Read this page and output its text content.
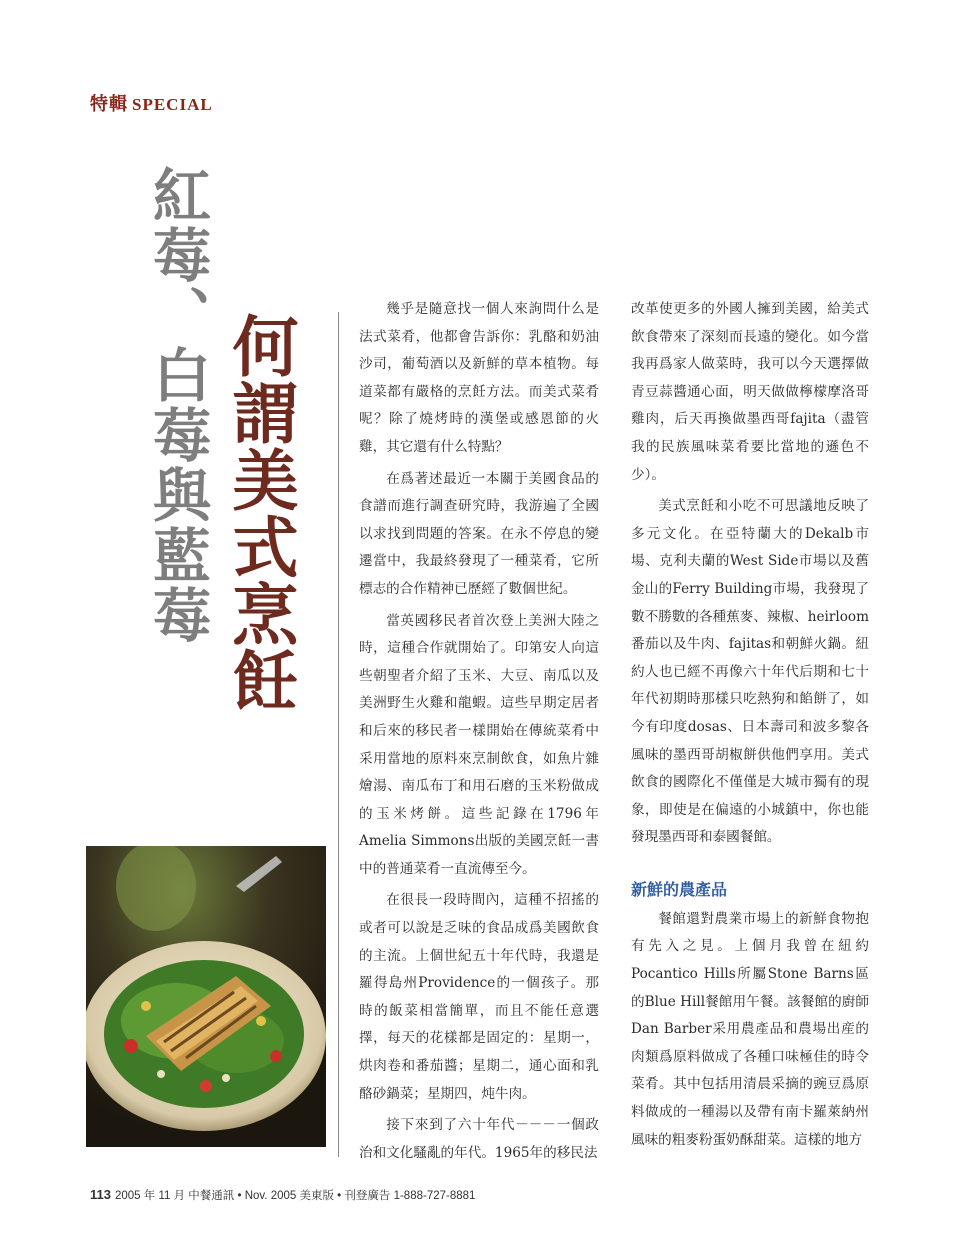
特輯 SPECIAL
紅莓、白莓與藍莓 何謂美式烹飪

幾乎是隨意找一個人來詢問什么是法式菜肴，他都會告訴你：乳酪和奶油沙司，葡萄酒以及新鮮的草本植物。每道菜都有嚴格的烹飪方法。而美式菜肴呢？除了燒烤時的漢堡或感恩節的火雞，其它還有什么特點？

在爲著述最近一本關于美國食品的食譜而進行調查研究時，我游遍了全國以求找到問題的答案。在永不停息的變遷當中，我最終發現了一種菜肴，它所標志的合作精神已歷經了數個世紀。

當英國移民者首次登上美洲大陸之時，這種合作就開始了。印第安人向這些朝聖者介紹了玉米、大豆、南瓜以及美洲野生火雞和龍蝦。這些早期定居者和后來的移民者一樣開始在傳統菜肴中采用當地的原料來烹制飲食，如魚片雜燴湯、南瓜布丁和用石磨的玉米粉做成的玉米烤餅。這些記錄在1796年Amelia Simmons出版的美國烹飪一書中的普通菜肴一直流傳至今。

在很長一段時間內，這種不招搖的或者可以說是乏味的食品成爲美國飲食的主流。上個世紀五十年代時，我還是羅得島州Providence的一個孩子。那時的飯菜相當簡單，而且不能任意選擇，每天的花樣都是固定的：星期一，烘肉卷和番茄醬；星期二，通心面和乳酪砂鍋菜；星期四，炖牛肉。

接下來到了六十年代－－－一個政治和文化騷亂的年代。1965年的移民法

改革使更多的外國人擁到美國，給美式飲食帶來了深刻而長遠的變化。如今當我再爲家人做菜時，我可以今天選擇做青豆蒜醬通心面，明天做做檸檬摩洛哥雞肉，后天再換做墨西哥fajita（盡管我的民族風味菜肴要比當地的遜色不少）。

美式烹飪和小吃不可思議地反映了多元文化。在亞特蘭大的Dekalb市場、克利夫蘭的West Side市場以及舊金山的Ferry Building市場，我發現了數不勝數的各種蕉麥、辣椒、heirloom番茄以及牛肉、fajitas和朝鮮火鍋。紐約人也已經不再像六十年代后期和七十年代初期時那樣只吃熱狗和餡餅了，如今有印度dosas、日本壽司和波多黎各風味的墨西哥胡椒餅供他們享用。美式飲食的國際化不僅僅是大城市獨有的現象，即使是在偏遠的小城鎮中，你也能發現墨西哥和泰國餐館。

新鮮的農產品

餐館還對農業市場上的新鮮食物抱有先入之見。上個月我曾在紐約Pocantico Hills所屬Stone Barns區的Blue Hill餐館用午餐。該餐館的廚師Dan Barber采用農產品和農場出産的肉類爲原料做成了各種口味極佳的時令菜肴。其中包括用清晨采摘的豌豆爲原料做成的一種湯以及帶有南卡羅萊納州風味的粗麥粉蛋奶酥甜菜。這樣的地方

113 2005 年 11 月 中餐通訊 • Nov. 2005 美東版 • 刊登廣告 1-888-727-8881
